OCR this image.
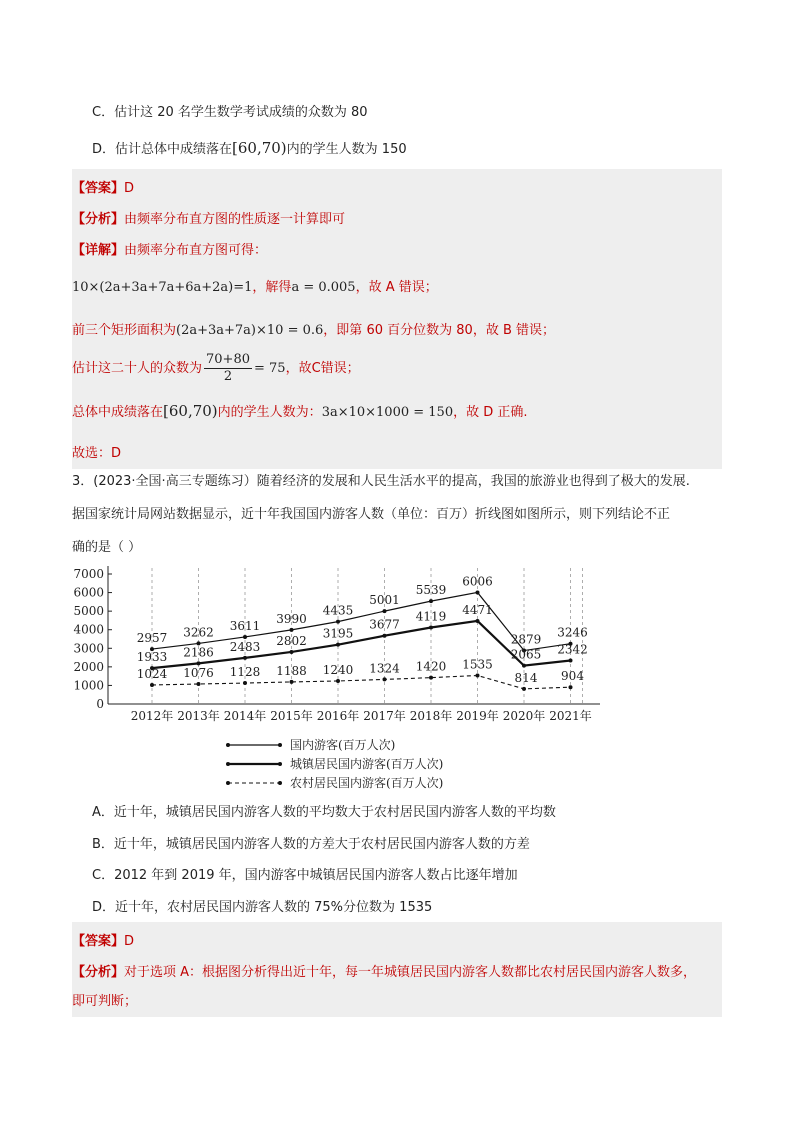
C．估计这 20 名学生数学考试成绩的众数为 80
D．估计总体中成绩落在[60,70)内的学生人数为 150
【答案】D
【分析】由频率分布直方图的性质逐一计算即可
【详解】由频率分布直方图可得：
10×(2a+3a+7a+6a+2a)=1，解得a = 0.005，故 A 错误；
前三个矩形面积为(2a+3a+7a)×10 = 0.6，即第 60 百分位数为 80，故 B 错误；
估计这二十人的众数为 $\frac{70+80}{2} = 75$，故C错误；
总体中成绩落在[60,70)内的学生人数为：3a×10×1000 = 150，故 D 正确.
故选：D
3．(2023·全国·高三专题练习）随着经济的发展和人民生活水平的提高，我国的旅游业也得到了极大的发展.
据国家统计局网站数据显示，近十年我国国内游客人数（单位：百万）折线图如图所示，则下列结论不正
确的是（ ）
0
1000
2000
3000
4000
5000
6000
7000
2012年 2013年 2014年 2015年 2016年 2017年 2018年 2019年 2020年 2021年
2957 3262 3611
3990
4435
5001
5539
6006
2879 3246
1933 2186 2483 2802
3195
3677
4119 4471
2065 2342
1024 1076 1128 1188 1240 1324 1420 1535
814 904
国内游客(百万人次)
城镇居民国内游客(百万人次)
农村居民国内游客(百万人次)
A．近十年，城镇居民国内游客人数的平均数大于农村居民国内游客人数的平均数
B．近十年，城镇居民国内游客人数的方差大于农村居民国内游客人数的方差
C．2012 年到 2019 年，国内游客中城镇居民国内游客人数占比逐年增加
D．近十年，农村居民国内游客人数的 75%分位数为 1535
【答案】D
【分析】对于选项 A：根据图分析得出近十年，每一年城镇居民国内游客人数都比农村居民国内游客人数多，
即可判断；
